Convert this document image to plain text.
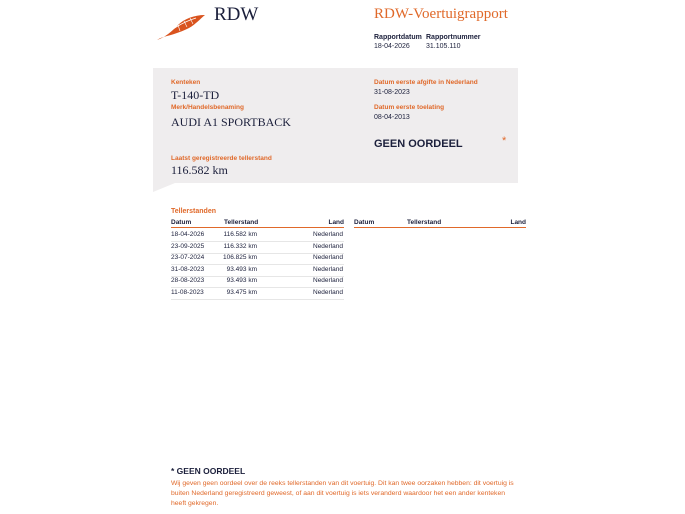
RDW	RDW-Voertuigrapport
Rapportdatum
18-04-2026
Rapportnummer
31.105.110
Kenteken
T-140-TD
Merk/Handelsbenaming
AUDI A1 SPORTBACK
Laatst geregistreerde tellerstand
116.582 km
Datum eerste afgifte in Nederland
31-08-2023
Datum eerste toelating
08-04-2013
GEEN OORDEEL	*
Tellerstanden
Datum	Tellerstand	Land Datum	Tellerstand	Land
18-04-2026	116.582 km	Nederland
23-09-2025	116.332 km	Nederland
23-07-2024	106.825 km	Nederland
31-08-2023	93.493 km	Nederland
28-08-2023	93.493 km	Nederland
11-08-2023	93.475 km	Nederland
* GEEN OORDEEL
Wij geven geen oordeel over de reeks tellerstanden van dit voertuig. Dit kan twee oorzaken hebben: dit voertuig is buiten Nederland geregistreerd geweest, of aan dit voertuig is iets veranderd waardoor het een ander kenteken heeft gekregen.
